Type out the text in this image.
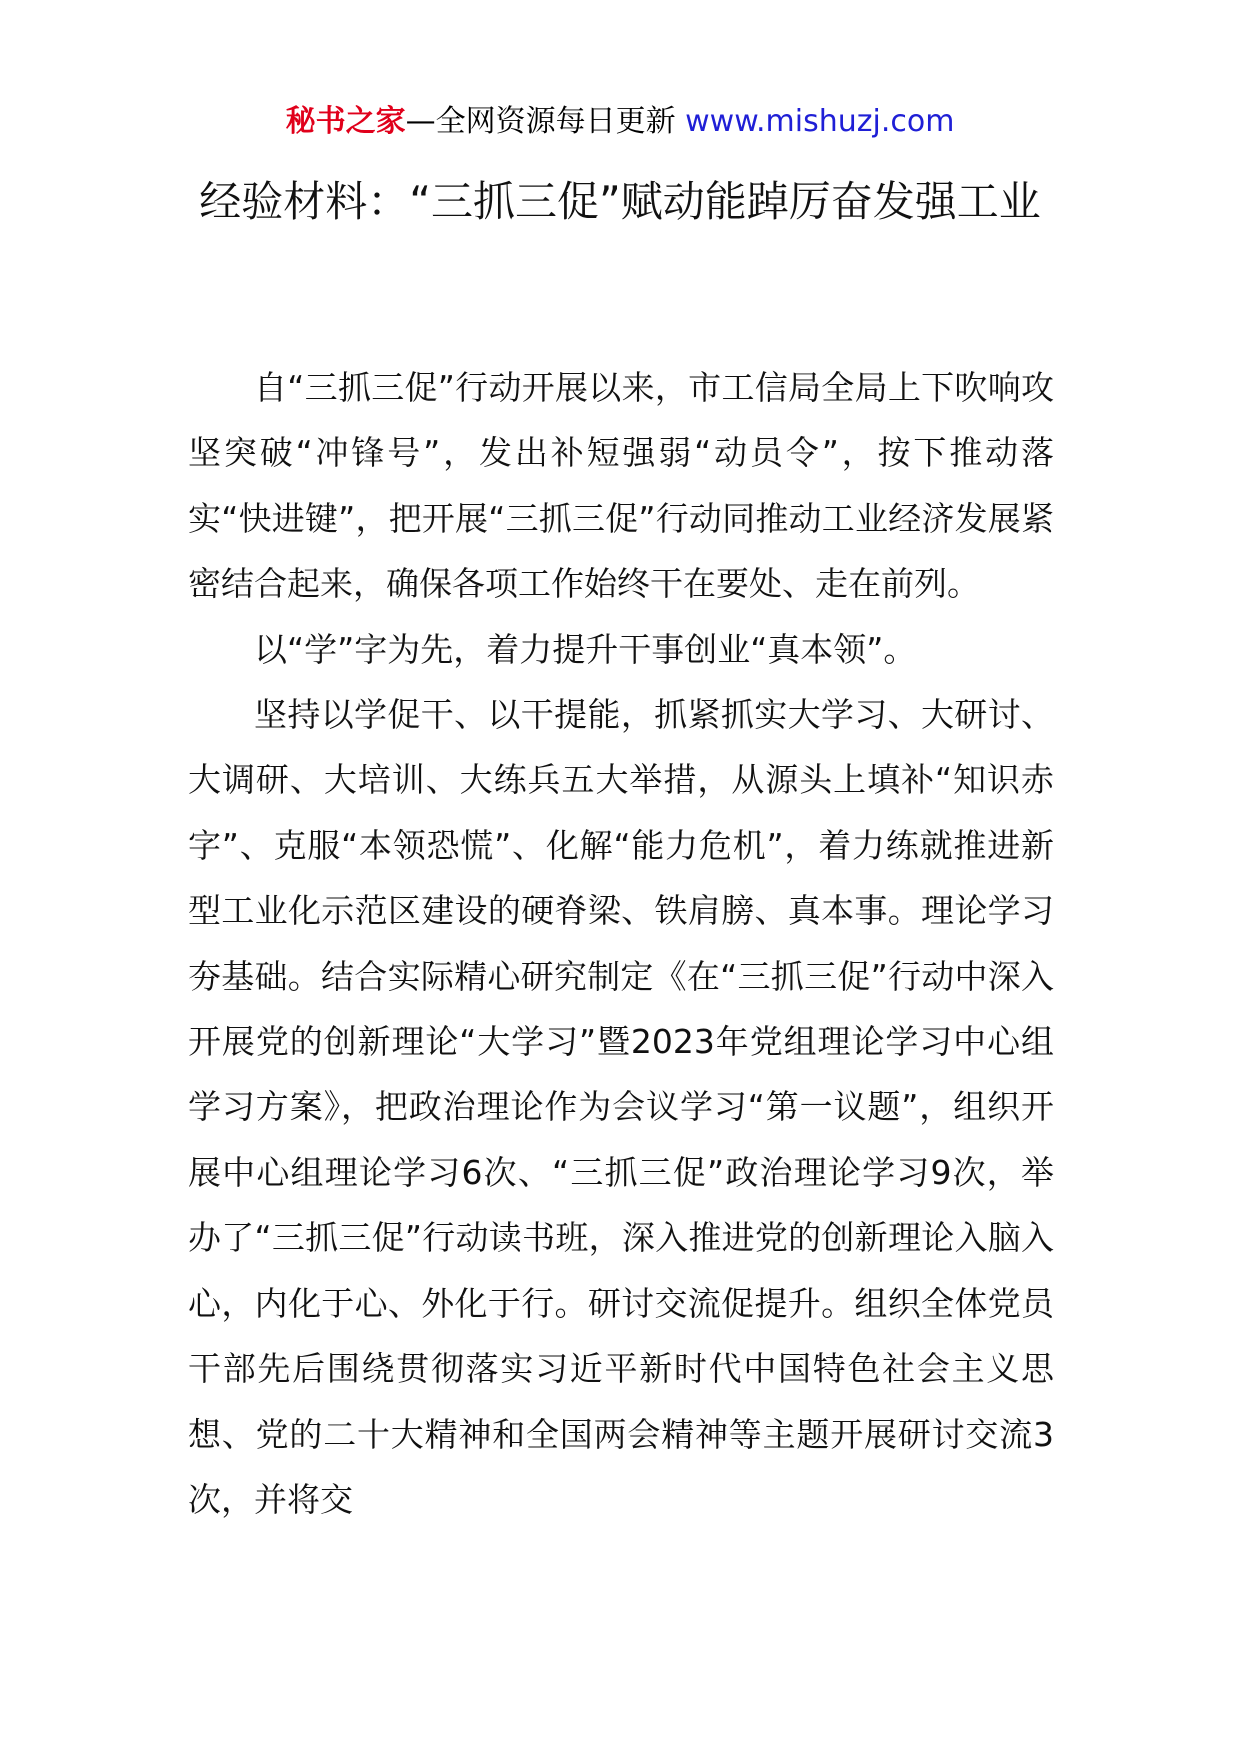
秘书之家—全网资源每日更新 www.mishuzj.com
经验材料：“三抓三促”赋动能踔厉奋发强工业

自“三抓三促”行动开展以来，市工信局全局上下吹响攻坚突破“冲锋号”，发出补短强弱“动员令”，按下推动落实“快进键”，把开展“三抓三促”行动同推动工业经济发展紧密结合起来，确保各项工作始终干在要处、走在前列。

以“学”字为先，着力提升干事创业“真本领”。

坚持以学促干、以干提能，抓紧抓实大学习、大研讨、大调研、大培训、大练兵五大举措，从源头上填补“知识赤字”、克服“本领恐慌”、化解“能力危机”，着力练就推进新型工业化示范区建设的硬脊梁、铁肩膀、真本事。理论学习夯基础。结合实际精心研究制定《在“三抓三促”行动中深入开展党的创新理论“大学习”暨2023年党组理论学习中心组学习方案》，把政治理论作为会议学习“第一议题”，组织开展中心组理论学习6次、“三抓三促”政治理论学习9次，举办了“三抓三促”行动读书班，深入推进党的创新理论入脑入心，内化于心、外化于行。研讨交流促提升。组织全体党员干部先后围绕贯彻落实习近平新时代中国特色社会主义思想、党的二十大精神和全国两会精神等主题开展研讨交流3次，并将交
